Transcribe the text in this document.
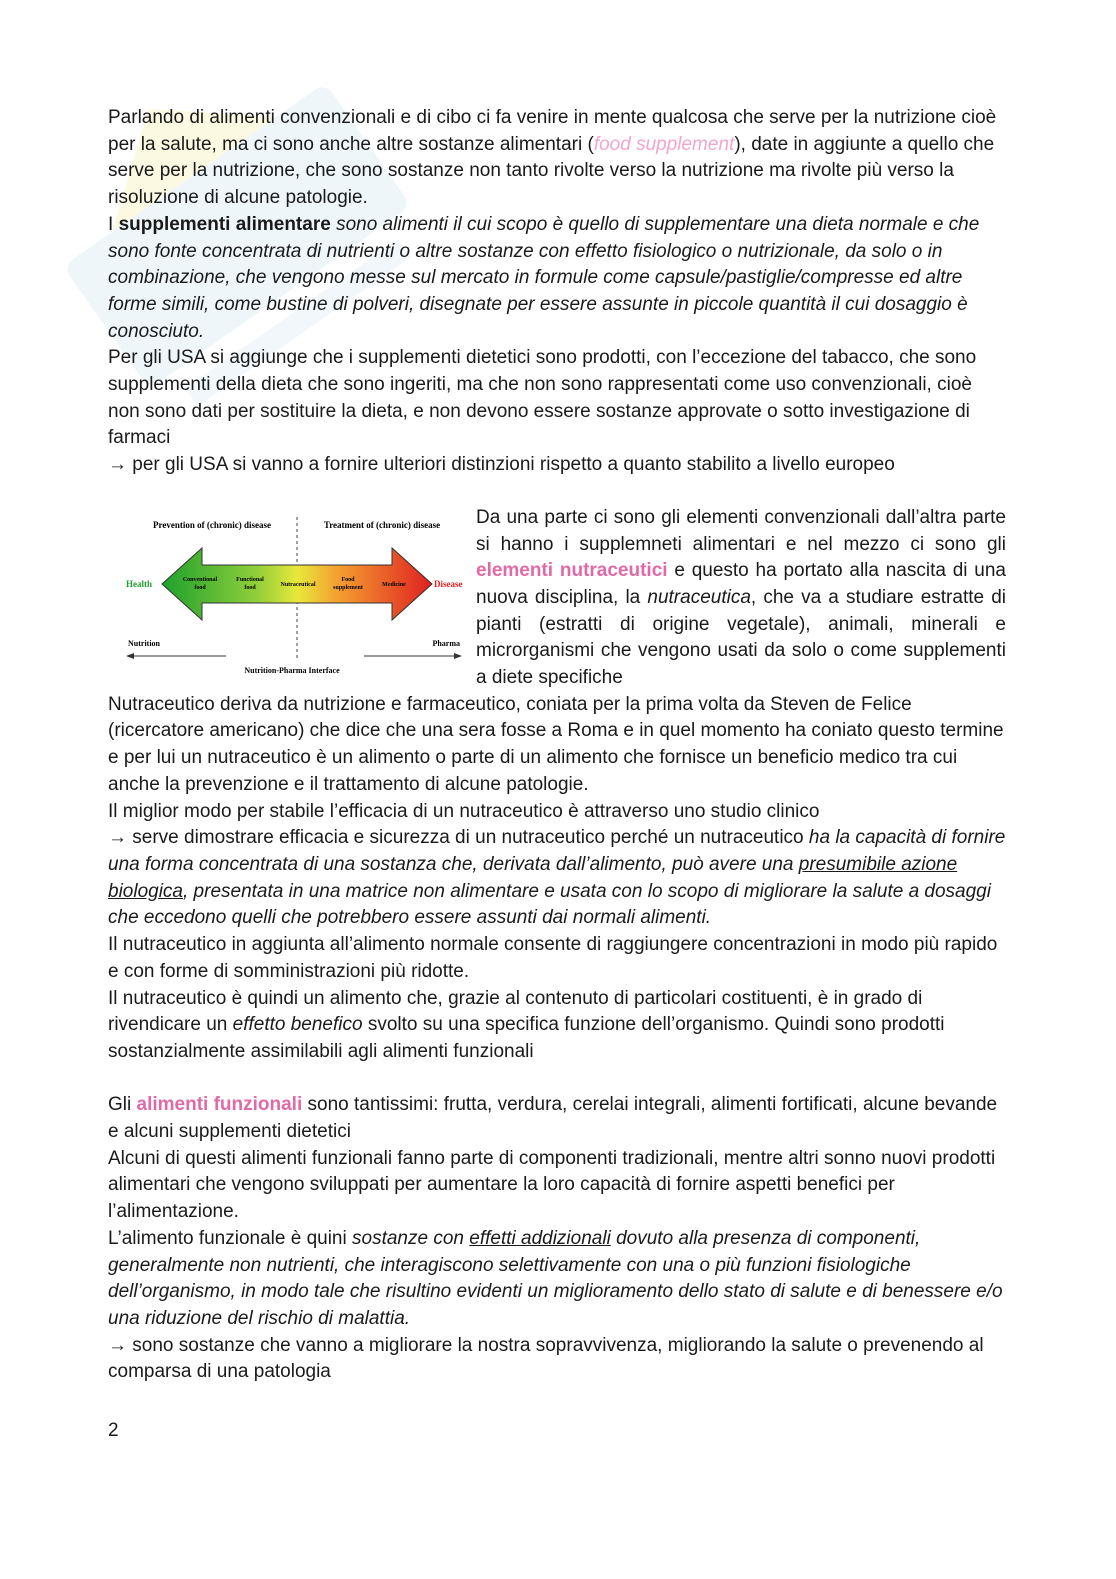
Parlando di alimenti convenzionali e di cibo ci fa venire in mente qualcosa che serve per la nutrizione cioè per la salute, ma ci sono anche altre sostanze alimentari (food supplement), date in aggiunte a quello che serve per la nutrizione, che sono sostanze non tanto rivolte verso la nutrizione ma rivolte più verso la risoluzione di alcune patologie.

I supplementi alimentare sono alimenti il cui scopo è quello di supplementare una dieta normale e che sono fonte concentrata di nutrienti o altre sostanze con effetto fisiologico o nutrizionale, da solo o in combinazione, che vengono messe sul mercato in formule come capsule/pastiglie/compresse ed altre forme simili, come bustine di polveri, disegnate per essere assunte in piccole quantità il cui dosaggio è conosciuto.

Per gli USA si aggiunge che i supplementi dietetici sono prodotti, con l’eccezione del tabacco, che sono supplementi della dieta che sono ingeriti, ma che non sono rappresentati come uso convenzionali, cioè non sono dati per sostituire la dieta, e non devono essere sostanze approvate o sotto investigazione di farmaci

→ per gli USA si vanno a fornire ulteriori distinzioni rispetto a quanto stabilito a livello europeo

Prevention of (chronic) disease	Treatment of (chronic) disease
Health	Disease
Conventional
food
Functional
food	Nutraceutical
Food
supplement	Medicine
Nutrition	Pharma
Nutrition-Pharma Interface

Da una parte ci sono gli elementi convenzionali dall’altra parte si hanno i supplemneti alimentari e nel mezzo ci sono gli elementi nutraceutici e questo ha portato alla nascita di una nuova disciplina, la nutraceutica, che va a studiare estratte di pianti (estratti di origine vegetale), animali, minerali e microrganismi che vengono usati da solo o come supplementi a diete specifiche

Nutraceutico deriva da nutrizione e farmaceutico, coniata per la prima volta da Steven de Felice (ricercatore americano) che dice che una sera fosse a Roma e in quel momento ha coniato questo termine e per lui un nutraceutico è un alimento o parte di un alimento che fornisce un beneficio medico tra cui anche la prevenzione e il trattamento di alcune patologie.

Il miglior modo per stabile l’efficacia di un nutraceutico è attraverso uno studio clinico

→ serve dimostrare efficacia e sicurezza di un nutraceutico perché un nutraceutico ha la capacità di fornire una forma concentrata di una sostanza che, derivata dall’alimento, può avere una presumibile azione biologica, presentata in una matrice non alimentare e usata con lo scopo di migliorare la salute a dosaggi che eccedono quelli che potrebbero essere assunti dai normali alimenti.

Il nutraceutico in aggiunta all’alimento normale consente di raggiungere concentrazioni in modo più rapido e con forme di somministrazioni più ridotte.

Il nutraceutico è quindi un alimento che, grazie al contenuto di particolari costituenti, è in grado di rivendicare un effetto benefico svolto su una specifica funzione dell’organismo. Quindi sono prodotti sostanzialmente assimilabili agli alimenti funzionali

Gli alimenti funzionali sono tantissimi: frutta, verdura, cerelai integrali, alimenti fortificati, alcune bevande e alcuni supplementi dietetici

Alcuni di questi alimenti funzionali fanno parte di componenti tradizionali, mentre altri sonno nuovi prodotti alimentari che vengono sviluppati per aumentare la loro capacità di fornire aspetti benefici per l’alimentazione.

L’alimento funzionale è quini sostanze con effetti addizionali dovuto alla presenza di componenti, generalmente non nutrienti, che interagiscono selettivamente con una o più funzioni fisiologiche dell’organismo, in modo tale che risultino evidenti un miglioramento dello stato di salute e di benessere e/o una riduzione del rischio di malattia.

→ sono sostanze che vanno a migliorare la nostra sopravvivenza, migliorando la salute o prevenendo al comparsa di una patologia

2
